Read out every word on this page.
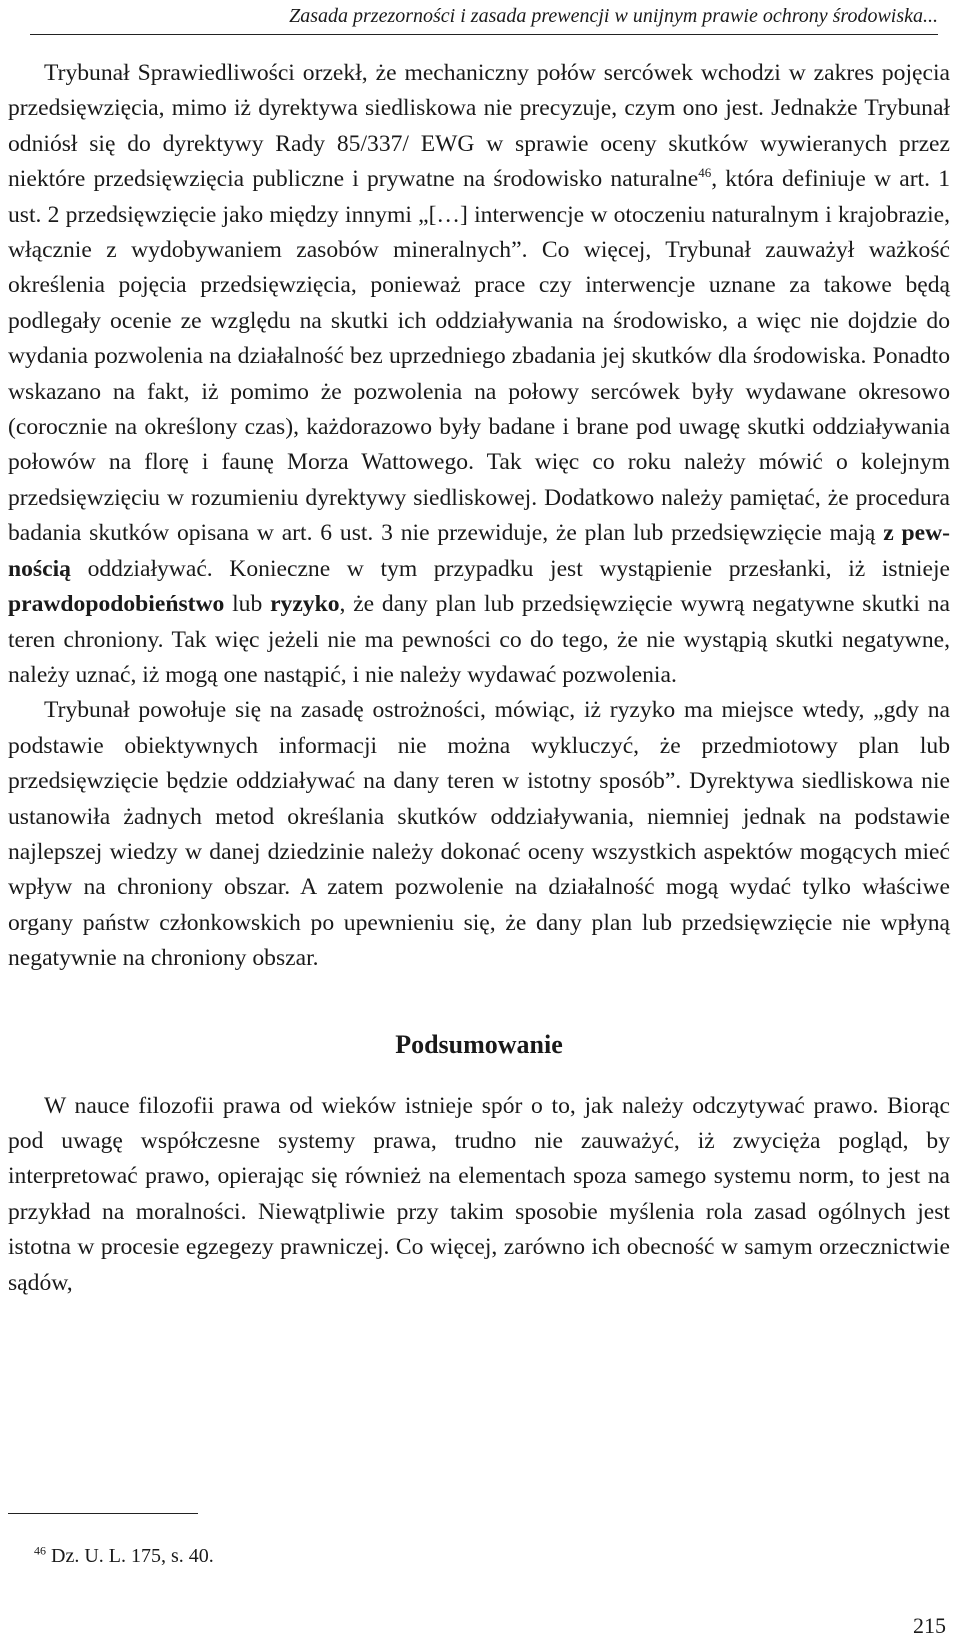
Zasada przezorności i zasada prewencji w unijnym prawie ochrony środowiska...

Trybunał Sprawiedliwości orzekł, że mechaniczny połów sercówek wchodzi w zakres pojęcia przedsięwzięcia, mimo iż dyrektywa siedliskowa nie precyzuje, czym ono jest. Jednakże Trybunał odniósł się do dyrektywy Rady 85/337/ EWG w sprawie oceny skutków wywieranych przez niektóre przedsięwzięcia publiczne i prywatne na środowisko naturalne$^{46}$, która definiuje w art. 1 ust. 2 przedsięwzięcie jako między innymi „[…] interwencje w otoczeniu naturalnym i krajobrazie, włącznie z wydobywaniem zasobów mineralnych”. Co więcej, Trybunał zauważył ważkość określenia pojęcia przedsięwzięcia, ponieważ prace czy interwencje uznane za takowe będą podlegały ocenie ze względu na skutki ich oddziaływania na środowisko, a więc nie dojdzie do wydania pozwolenia na działalność bez uprzedniego zbadania jej skutków dla środowiska. Ponadto wskazano na fakt, iż pomimo że pozwolenia na połowy sercówek były wydawane okresowo (corocznie na określony czas), każdorazowo były badane i brane pod uwagę skutki oddziaływania połowów na florę i faunę Morza Wattowego. Tak więc co roku należy mówić o kolejnym przedsięwzięciu w rozumieniu dyrektywy siedliskowej. Dodatkowo należy pamiętać, że procedura badania skutków opisana w art. 6 ust. 3 nie przewiduje, że plan lub przedsięwzięcie mają z pewnością oddziaływać. Konieczne w tym przypadku jest wystąpienie przesłanki, iż istnieje prawdopodobieństwo lub ryzyko, że dany plan lub przedsięwzięcie wywrą negatywne skutki na teren chroniony. Tak więc jeżeli nie ma pewności co do tego, że nie wystąpią skutki negatywne, należy uznać, iż mogą one nastąpić, i nie należy wydawać pozwolenia.

Trybunał powołuje się na zasadę ostrożności, mówiąc, iż ryzyko ma miejsce wtedy, „gdy na podstawie obiektywnych informacji nie można wykluczyć, że przedmiotowy plan lub przedsięwzięcie będzie oddziaływać na dany teren w istotny sposób”. Dyrektywa siedliskowa nie ustanowiła żadnych metod określania skutków oddziaływania, niemniej jednak na podstawie najlepszej wiedzy w danej dziedzinie należy dokonać oceny wszystkich aspektów mogących mieć wpływ na chroniony obszar. A zatem pozwolenie na działalność mogą wydać tylko właściwe organy państw członkowskich po upewnieniu się, że dany plan lub przedsięwzięcie nie wpłyną negatywnie na chroniony obszar.

Podsumowanie

W nauce filozofii prawa od wieków istnieje spór o to, jak należy odczytywać prawo. Biorąc pod uwagę współczesne systemy prawa, trudno nie zauważyć, iż zwycięża pogląd, by interpretować prawo, opierając się również na elementach spoza samego systemu norm, to jest na przykład na moralności. Niewątpliwie przy takim sposobie myślenia rola zasad ogólnych jest istotna w procesie egzegezy prawniczej. Co więcej, zarówno ich obecność w samym orzecznictwie sądów,

$^{46}$ Dz. U. L. 175, s. 40.
215
